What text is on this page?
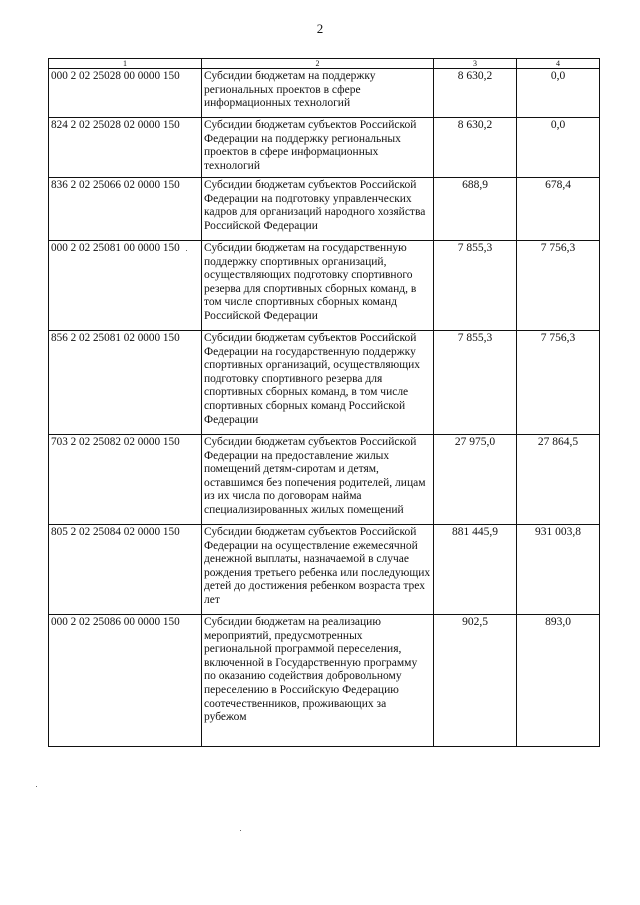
2
1	2	3	4
000 2 02 25028 00 0000 150	Субсидии бюджетам на поддержку региональных проектов в сфере информационных технологий	8 630,2	0,0
824 2 02 25028 02 0000 150	Субсидии бюджетам субъектов Российской Федерации на поддержку региональных проектов в сфере информационных технологий	8 630,2	0,0
836 2 02 25066 02 0000 150	Субсидии бюджетам субъектов Российской Федерации на подготовку управленческих кадров для организаций народного хозяйства Российской Федерации	688,9	678,4
000 2 02 25081 00 0000 150	Субсидии бюджетам на государственную поддержку спортивных организаций, осуществляющих подготовку спортивного резерва для спортивных сборных команд, в том числе спортивных сборных команд Российской Федерации	7 855,3	7 756,3
856 2 02 25081 02 0000 150	Субсидии бюджетам субъектов Российской Федерации на государственную поддержку спортивных организаций, осуществляющих подготовку спортивного резерва для спортивных сборных команд, в том числе спортивных сборных команд Российской Федерации	7 855,3	7 756,3
703 2 02 25082 02 0000 150	Субсидии бюджетам субъектов Российской Федерации на предоставление жилых помещений детям-сиротам и детям, оставшимся без попечения родителей, лицам из их числа по договорам найма специализированных жилых помещений	27 975,0	27 864,5
805 2 02 25084 02 0000 150	Субсидии бюджетам субъектов Российской Федерации на осуществление ежемесячной денежной выплаты, назначаемой в случае рождения третьего ребенка или последующих детей до достижения ребенком возраста трех лет	881 445,9	931 003,8
000 2 02 25086 00 0000 150	Субсидии бюджетам на реализацию мероприятий, предусмотренных региональной программой переселения, включенной в Государственную программу по оказанию содействия добровольному переселению в Российскую Федерацию соотечественников, проживающих за рубежом	902,5	893,0
